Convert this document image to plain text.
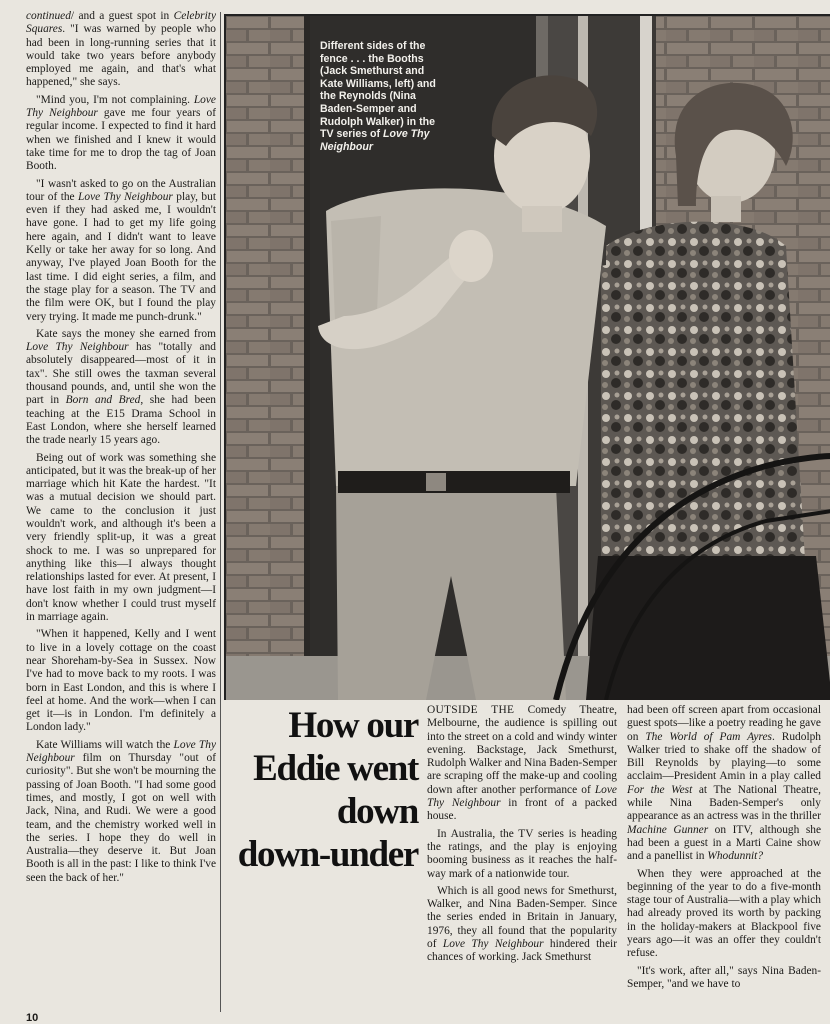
continued/ and a guest spot in Celebrity Squares. "I was warned by people who had been in long-running series that it would take two years before anybody employed me again, and that's what happened," she says.

"Mind you, I'm not complaining. Love Thy Neighbour gave me four years of regular income. I expected to find it hard when we finished and I knew it would take time for me to drop the tag of Joan Booth.

"I wasn't asked to go on the Australian tour of the Love Thy Neighbour play, but even if they had asked me, I wouldn't have gone. I had to get my life going here again, and I didn't want to leave Kelly or take her away for so long. And anyway, I've played Joan Booth for the last time. I did eight series, a film, and the stage play for a season. The TV and the film were OK, but I found the play very trying. It made me punch-drunk."

Kate says the money she earned from Love Thy Neighbour has "totally and absolutely disappeared—most of it in tax". She still owes the taxman several thousand pounds, and, until she won the part in Born and Bred, she had been teaching at the E15 Drama School in East London, where she herself learned the trade nearly 15 years ago.

Being out of work was something she anticipated, but it was the break-up of her marriage which hit Kate the hardest. "It was a mutual decision we should part. We came to the conclusion it just wouldn't work, and although it's been a very friendly split-up, it was a great shock to me. I was so unprepared for anything like this—I always thought relationships lasted for ever. At present, I have lost faith in my own judgment—I don't know whether I could trust myself in marriage again.

"When it happened, Kelly and I went to live in a lovely cottage on the coast near Shoreham-by-Sea in Sussex. Now I've had to move back to my roots. I was born in East London, and this is where I feel at home. And the work—when I can get it—is in London. I'm definitely a London lady."

Kate Williams will watch the Love Thy Neighbour film on Thursday "out of curiosity". But she won't be mourning the passing of Joan Booth. "I had some good times, and mostly, I got on well with Jack, Nina, and Rudi. We were a good team, and the chemistry worked well in the series. I hope they do well in Australia—they deserve it. But Joan Booth is all in the past: I like to think I've seen the back of her."

Different sides of the fence . . . the Booths (Jack Smethurst and Kate Williams, left) and the Reynolds (Nina Baden-Semper and Rudolph Walker) in the TV series of Love Thy Neighbour
How our
Eddie went
down
down-under

OUTSIDE THE Comedy Theatre, Melbourne, the audience is spilling out into the street on a cold and windy winter evening. Backstage, Jack Smethurst, Rudolph Walker and Nina Baden-Semper are scraping off the make-up and cooling down after another performance of Love Thy Neighbour in front of a packed house.

In Australia, the TV series is heading the ratings, and the play is enjoying booming business as it reaches the half-way mark of a nationwide tour.

Which is all good news for Smethurst, Walker, and Nina Baden-Semper. Since the series ended in Britain in January, 1976, they all found that the popularity of Love Thy Neighbour hindered their chances of working. Jack Smethurst

had been off screen apart from occasional guest spots—like a poetry reading he gave on The World of Pam Ayres. Rudolph Walker tried to shake off the shadow of Bill Reynolds by playing—to some acclaim—President Amin in a play called For the West at The National Theatre, while Nina Baden-Semper's only appearance as an actress was in the thriller Machine Gunner on ITV, although she had been a guest in a Marti Caine show and a panellist in Whodunnit?

When they were approached at the beginning of the year to do a five-month stage tour of Australia—with a play which had already proved its worth by packing in the holiday-makers at Blackpool five years ago—it was an offer they couldn't refuse.

"It's work, after all," says Nina Baden-Semper, "and we have to

10
